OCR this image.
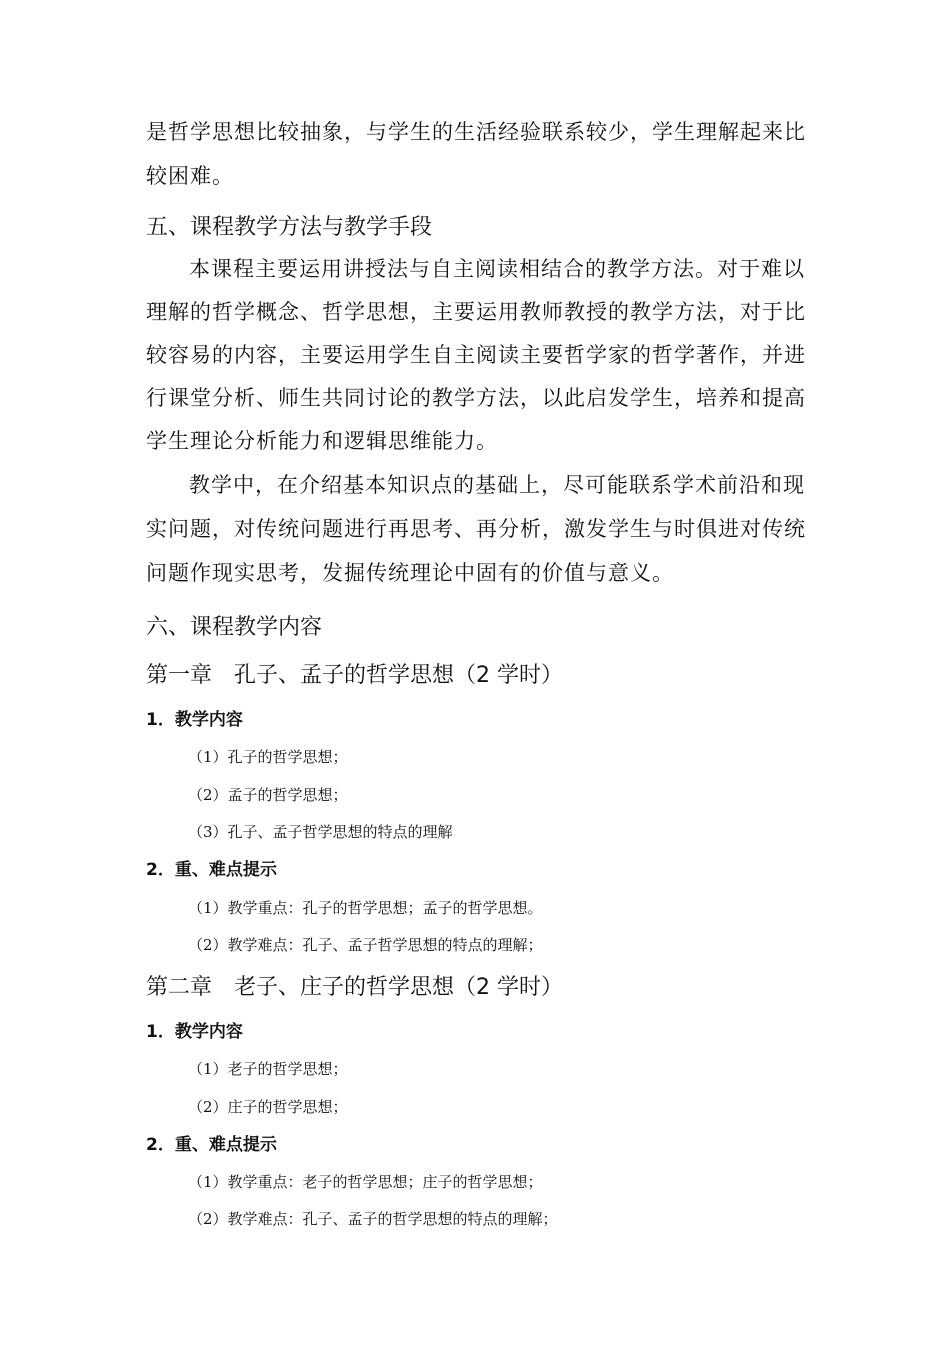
是哲学思想比较抽象，与学生的生活经验联系较少，学生理解起来比

较困难。

五、课程教学方法与教学手段

本课程主要运用讲授法与自主阅读相结合的教学方法。对于难以

理解的哲学概念、哲学思想，主要运用教师教授的教学方法，对于比

较容易的内容，主要运用学生自主阅读主要哲学家的哲学著作，并进

行课堂分析、师生共同讨论的教学方法，以此启发学生，培养和提高

学生理论分析能力和逻辑思维能力。

教学中，在介绍基本知识点的基础上，尽可能联系学术前沿和现

实问题，对传统问题进行再思考、再分析，激发学生与时俱进对传统

问题作现实思考，发掘传统理论中固有的价值与意义。

六、课程教学内容
第一章　孔子、孟子的哲学思想（2 学时）
1．教学内容

（1）孔子的哲学思想；

（2）孟子的哲学思想；

（3）孔子、孟子哲学思想的特点的理解

2．重、难点提示

（1）教学重点：孔子的哲学思想；孟子的哲学思想。

（2）教学难点：孔子、孟子哲学思想的特点的理解；

第二章　老子、庄子的哲学思想（2 学时）
1．教学内容

（1）老子的哲学思想；

（2）庄子的哲学思想；

2．重、难点提示

（1）教学重点：老子的哲学思想；庄子的哲学思想；

（2）教学难点：孔子、孟子的哲学思想的特点的理解；
